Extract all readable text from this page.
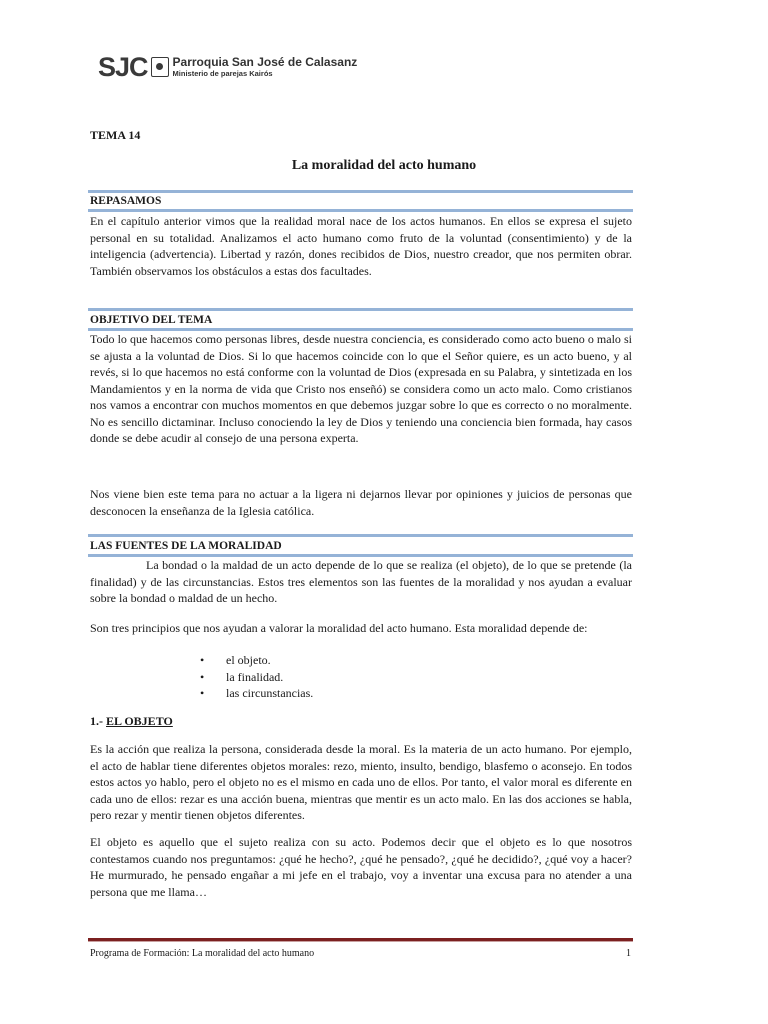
SJC Parroquia San José de Calasanz
Ministerio de parejas Kairós
TEMA 14
La moralidad del acto humano
REPASAMOS

En el capítulo anterior vimos que la realidad moral nace de los actos humanos. En ellos se expresa el sujeto personal en su totalidad. Analizamos el acto humano como fruto de la voluntad (consentimiento) y de la inteligencia (advertencia). Libertad y razón, dones recibidos de Dios, nuestro creador, que nos permiten obrar. También observamos los obstáculos a estas dos facultades.

OBJETIVO DEL TEMA

Todo lo que hacemos como personas libres, desde nuestra conciencia, es considerado como acto bueno o malo si se ajusta a la voluntad de Dios. Si lo que hacemos coincide con lo que el Señor quiere, es un acto bueno, y al revés, si lo que hacemos no está conforme con la voluntad de Dios (expresada en su Palabra, y sintetizada en los Mandamientos y en la norma de vida que Cristo nos enseñó) se considera como un acto malo. Como cristianos nos vamos a encontrar con muchos momentos en que debemos juzgar sobre lo que es correcto o no moralmente. No es sencillo dictaminar. Incluso conociendo la ley de Dios y teniendo una conciencia bien formada, hay casos donde se debe acudir al consejo de una persona experta.

Nos viene bien este tema para no actuar a la ligera ni dejarnos llevar por opiniones y juicios de personas que desconocen la enseñanza de la Iglesia católica.

LAS FUENTES DE LA MORALIDAD

La bondad o la maldad de un acto depende de lo que se realiza (el objeto), de lo que se pretende (la finalidad) y de las circunstancias. Estos tres elementos son las fuentes de la moralidad y nos ayudan a evaluar sobre la bondad o maldad de un hecho.

Son tres principios que nos ayudan a valorar la moralidad del acto humano. Esta moralidad depende de:

• el objeto.
• la finalidad.
• las circunstancias.
1.- EL OBJETO

Es la acción que realiza la persona, considerada desde la moral. Es la materia de un acto humano. Por ejemplo, el acto de hablar tiene diferentes objetos morales: rezo, miento, insulto, bendigo, blasfemo o aconsejo. En todos estos actos yo hablo, pero el objeto no es el mismo en cada uno de ellos. Por tanto, el valor moral es diferente en cada uno de ellos: rezar es una acción buena, mientras que mentir es un acto malo. En las dos acciones se habla, pero rezar y mentir tienen objetos diferentes.

El objeto es aquello que el sujeto realiza con su acto. Podemos decir que el objeto es lo que nosotros contestamos cuando nos preguntamos: ¿qué he hecho?, ¿qué he pensado?, ¿qué he decidido?, ¿qué voy a hacer? He murmurado, he pensado engañar a mi jefe en el trabajo, voy a inventar una excusa para no atender a una persona que me llama…

Programa de Formación: La moralidad del acto humano	1
